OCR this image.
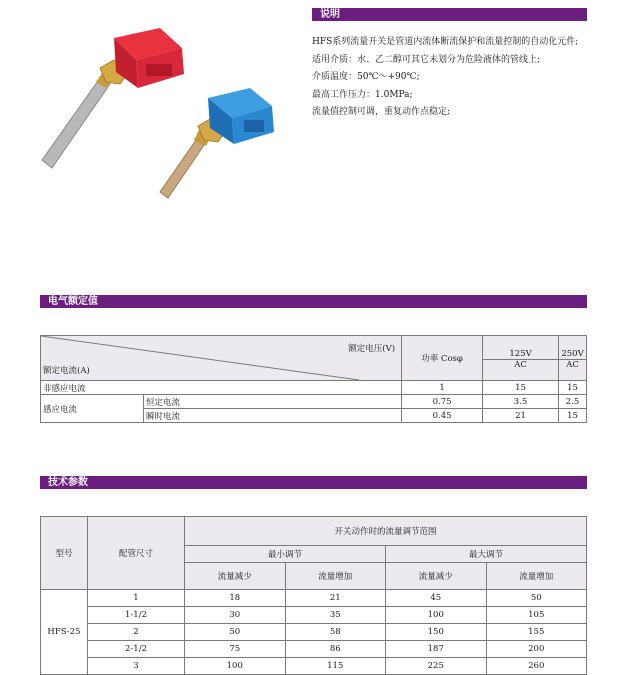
说明

HFS系列流量开关是管道内流体断流保护和流量控制的自动化元件;

适用介质：水、乙二醇可其它未划分为危险液体的管线上;

介质温度：50℃～+90℃;

最高工作压力：1.0MPa;

流量值控制可调，重复动作点稳定;

电气额定值
额定电压(V)
额定电流(A)		功率 Cosφ	125V	250V
			AC	AC
非感应电流		1	15	15
感应电流	恒定电流	0.75	3.5	2.5
	瞬时电流	0.45	21	15
技术参数
型号	配管尺寸	开关动作时的流量调节范围			
		最小调节		最大调节	
		流量减少	流量增加	流量减少	流量增加
HFS-25	1	18	21	45	50
	1-1/2	30	35	100	105
	2	50	58	150	155
	2-1/2	75	86	187	200
	3	100	115	225	260
